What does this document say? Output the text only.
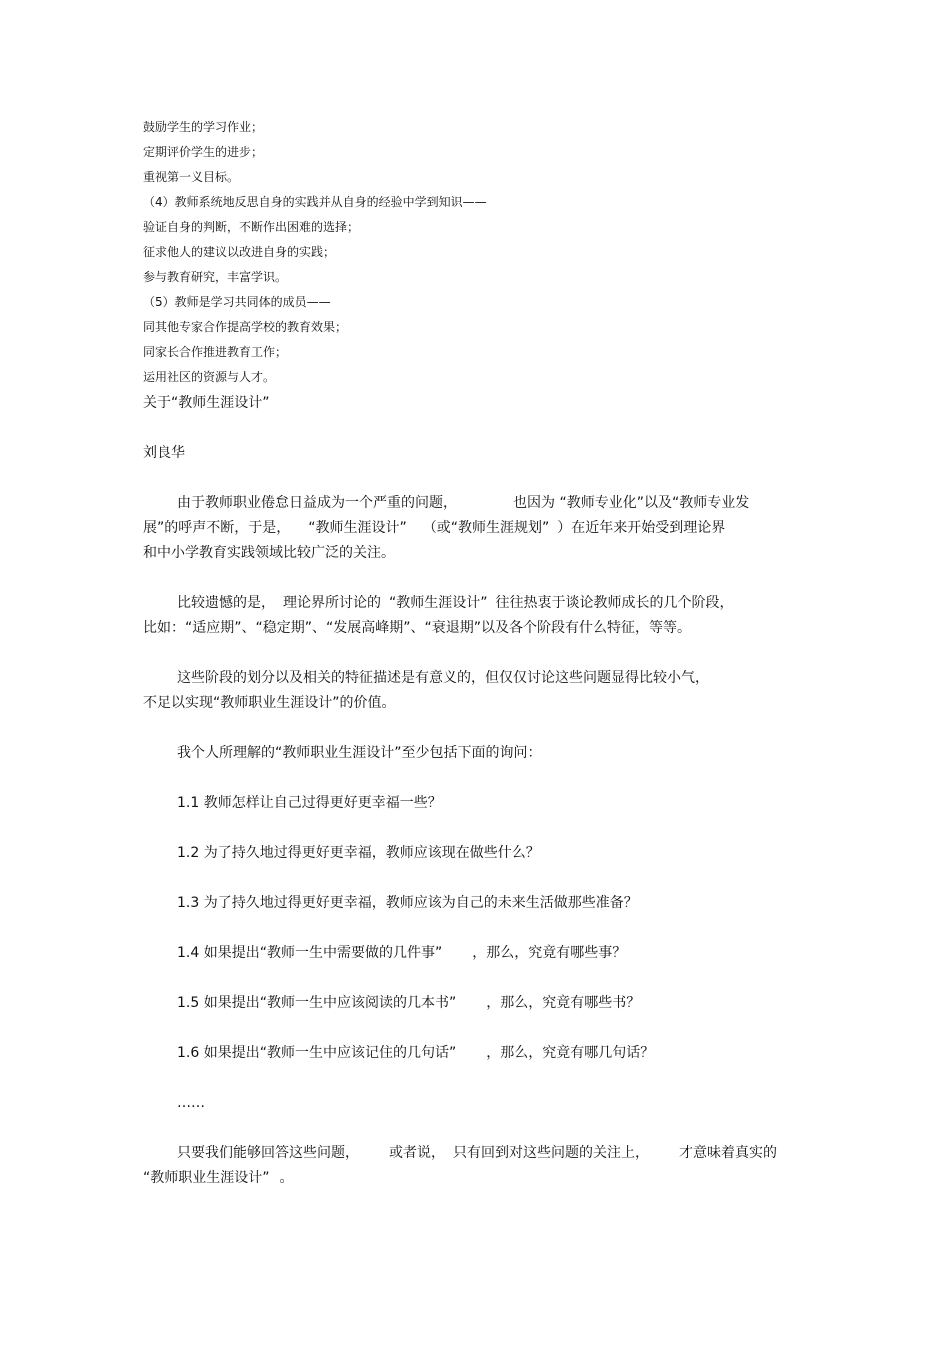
鼓励学生的学习作业；
定期评价学生的进步；
重视第一义目标。
（4）教师系统地反思自身的实践并从自身的经验中学到知识——
验证自身的判断，不断作出困难的选择；
征求他人的建议以改进自身的实践；
参与教育研究，丰富学识。
（5）教师是学习共同体的成员——
同其他专家合作提高学校的教育效果；
同家长合作推进教育工作；
运用社区的资源与人才。
关于“教师生涯设计”
刘良华
由于教师职业倦怠日益成为一个严重的问题，	也因为 “教师专业化”以及“教师专业发
展”的呼声不断，于是， “教师生涯设计” （或“教师生涯规划” ）在近年来开始受到理论界
和中小学教育实践领域比较广泛的关注。
比较遗憾的是， 理论界所讨论的 “教师生涯设计” 往往热衷于谈论教师成长的几个阶段，
比如：“适应期”、“稳定期”、“发展高峰期”、“衰退期”以及各个阶段有什么特征，等等。
这些阶段的划分以及相关的特征描述是有意义的，但仅仅讨论这些问题显得比较小气，
不足以实现“教师职业生涯设计”的价值。
我个人所理解的“教师职业生涯设计”至少包括下面的询问：
1.1 教师怎样让自己过得更好更幸福一些？
1.2 为了持久地过得更好更幸福，教师应该现在做些什么？
1.3 为了持久地过得更好更幸福，教师应该为自己的未来生活做那些准备？
1.4 如果提出“教师一生中需要做的几件事” ，那么，究竟有哪些事？
1.5 如果提出“教师一生中应该阅读的几本书” ，那么，究竟有哪些书？
1.6 如果提出“教师一生中应该记住的几句话” ，那么，究竟有哪几句话？
……
只要我们能够回答这些问题， 或者说， 只有回到对这些问题的关注上， 才意味着真实的
“教师职业生涯设计” 。
